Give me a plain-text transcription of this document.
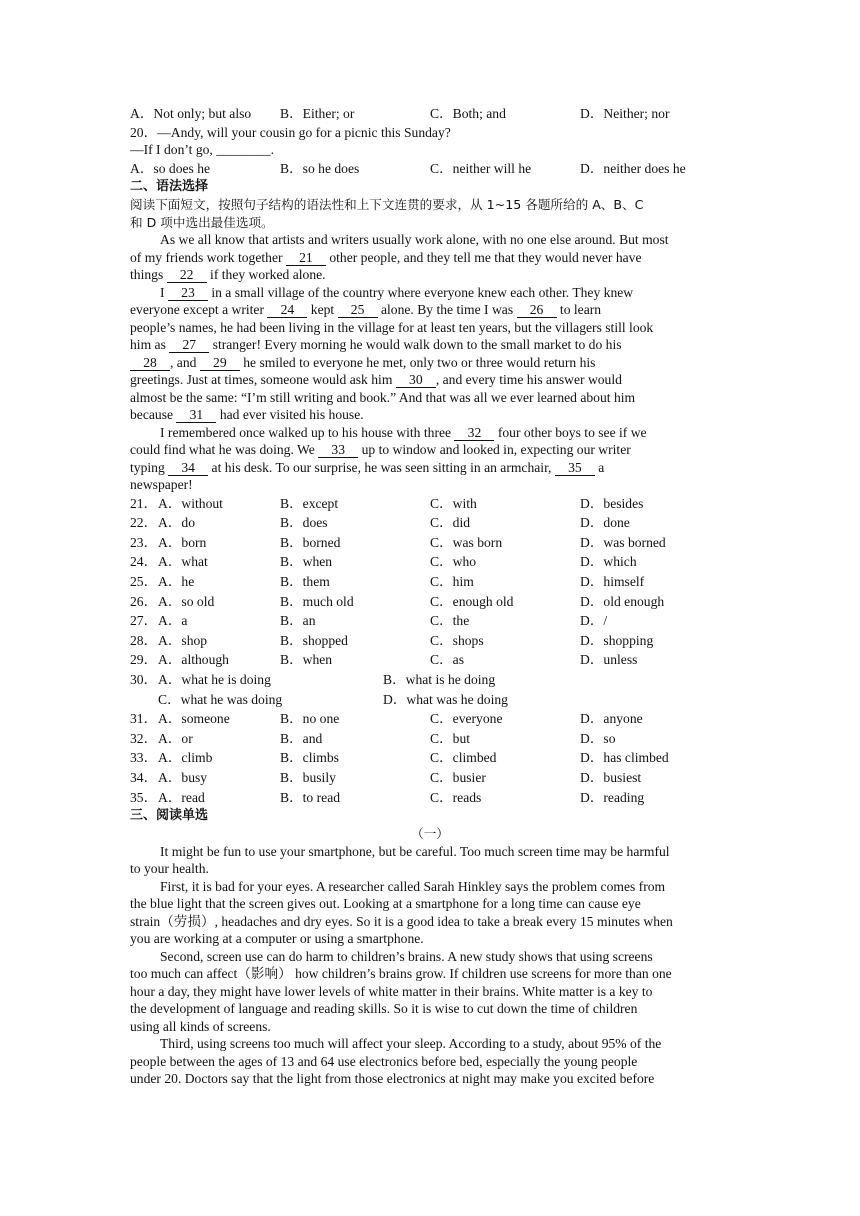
A．Not only; but also	B．Either; or	C．Both; and	D．Neither; nor
20．—Andy, will your cousin go for a picnic this Sunday?
—If I don’t go, ________.
A．so does he	B．so he does	C．neither will he	D．neither does he
二、语法选择
阅读下面短文，按照句子结构的语法性和上下文连贯的要求，从 1~15 各题所给的 A、B、C
和 D 项中选出最佳选项。
As we all know that artists and writers usually work alone, with no one else around. But most
of my friends work together 21 other people, and they tell me that they would never have
things 22 if they worked alone.
I 23 in a small village of the country where everyone knew each other. They knew
everyone except a writer 24 kept 25 alone. By the time I was 26 to learn
people’s names, he had been living in the village for at least ten years, but the villagers still look
him as 27 stranger! Every morning he would walk down to the small market to do his
28 , and 29 he smiled to everyone he met, only two or three would return his
greetings. Just at times, someone would ask him 30 , and every time his answer would
almost be the same: “I’m still writing and book.” And that was all we ever learned about him
because 31 had ever visited his house.
I remembered once walked up to his house with three 32 four other boys to see if we
could find what he was doing. We 33 up to window and looked in, expecting our writer
typing 34 at his desk. To our surprise, he was seen sitting in an armchair, 35 a
newspaper!
21． A．without	B．except	C．with	D．besides
22． A．do	B．does	C．did	D．done
23． A．born	B．borned	C．was born	D．was borned
24． A．what	B．when	C．who	D．which
25． A．he	B．them	C．him	D．himself
26． A．so old	B．much old	C．enough old	D．old enough
27． A．a	B．an	C．the	D．/
28． A．shop	B．shopped	C．shops	D．shopping
29． A．although	B．when	C．as	D．unless
30． A．what he is doing	B．what is he doing
C．what he was doing	D．what was he doing
31． A．someone	B．no one	C．everyone	D．anyone
32． A．or	B．and	C．but	D．so
33． A．climb	B．climbs	C．climbed	D．has climbed
34． A．busy	B．busily	C．busier	D．busiest
35． A．read	B．to read	C．reads	D．reading
三、阅读单选
（一）
It might be fun to use your smartphone, but be careful. Too much screen time may be harmful
to your health.
First, it is bad for your eyes. A researcher called Sarah Hinkley says the problem comes from
the blue light that the screen gives out. Looking at a smartphone for a long time can cause eye
strain（劳损）, headaches and dry eyes. So it is a good idea to take a break every 15 minutes when
you are working at a computer or using a smartphone.
Second, screen use can do harm to children’s brains. A new study shows that using screens
too much can affect（影响） how children’s brains grow. If children use screens for more than one
hour a day, they might have lower levels of white matter in their brains. White matter is a key to
the development of language and reading skills. So it is wise to cut down the time of children
using all kinds of screens.
Third, using screens too much will affect your sleep. According to a study, about 95% of the
people between the ages of 13 and 64 use electronics before bed, especially the young people
under 20. Doctors say that the light from those electronics at night may make you excited before
